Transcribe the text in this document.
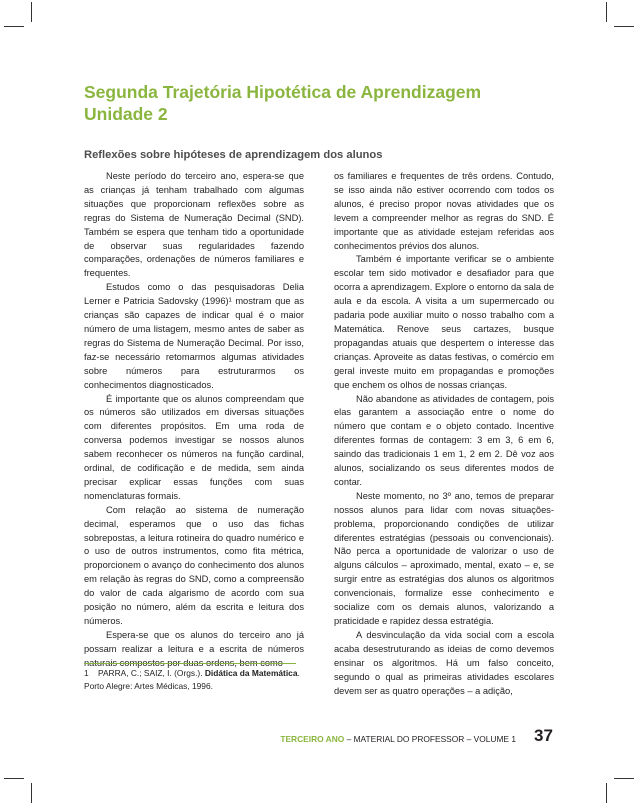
Segunda Trajetória Hipotética de Aprendizagem
Unidade 2
Reflexões sobre hipóteses de aprendizagem dos alunos

Neste período do terceiro ano, espera-se que as crianças já tenham trabalhado com algumas situações que proporcionam reflexões sobre as regras do Sistema de Numeração Decimal (SND). Também se espera que tenham tido a oportunidade de observar suas regularidades fazendo comparações, ordenações de números familiares e frequentes.

Estudos como o das pesquisadoras Delia Lerner e Patricia Sadovsky (1996)¹ mostram que as crianças são capazes de indicar qual é o maior número de uma listagem, mesmo antes de saber as regras do Sistema de Numeração Decimal. Por isso, faz-se necessário retomarmos algumas atividades sobre números para estruturarmos os conhecimentos diagnosticados.

É importante que os alunos compreendam que os números são utilizados em diversas situações com diferentes propósitos. Em uma roda de conversa podemos investigar se nossos alunos sabem reconhecer os números na função cardinal, ordinal, de codificação e de medida, sem ainda precisar explicar essas funções com suas nomenclaturas formais.

Com relação ao sistema de numeração decimal, esperamos que o uso das fichas sobrepostas, a leitura rotineira do quadro numérico e o uso de outros instrumentos, como fita métrica, proporcionem o avanço do conhecimento dos alunos em relação às regras do SND, como a compreensão do valor de cada algarismo de acordo com sua posição no número, além da escrita e leitura dos números.

Espera-se que os alunos do terceiro ano já possam realizar a leitura e a escrita de números

os familiares e frequentes de três ordens. Contudo, se isso ainda não estiver ocorrendo com todos os alunos, é preciso propor novas atividades que os levem a compreender melhor as regras do SND. É importante que as atividade estejam referidas aos conhecimentos prévios dos alunos.

Também é importante verificar se o ambiente escolar tem sido motivador e desafiador para que ocorra a aprendizagem. Explore o entorno da sala de aula e da escola. A visita a um supermercado ou padaria pode auxiliar muito o nosso trabalho com a Matemática. Renove seus cartazes, busque propagandas atuais que despertem o interesse das crianças. Aproveite as datas festivas, o comércio em geral investe muito em propagandas e promoções que enchem os olhos de nossas crianças.

Não abandone as atividades de contagem, pois elas garantem a associação entre o nome do número que contam e o objeto contado. Incentive diferentes formas de contagem: 3 em 3, 6 em 6, saindo das tradicionais 1 em 1, 2 em 2. Dê voz aos alunos, socializando os seus diferentes modos de contar.

Neste momento, no 3º ano, temos de preparar nossos alunos para lidar com novas situações-problema, proporcionando condições de utilizar diferentes estratégias (pessoais ou convencionais). Não perca a oportunidade de valorizar o uso de alguns cálculos – aproximado, mental, exato – e, se surgir entre as estratégias dos alunos os algoritmos convencionais, formalize esse conhecimento e socialize com os demais alunos, valorizando a praticidade e rapidez dessa estratégia.

A desvinculação da vida social com a escola acaba desestruturando as ideias de como devemos ensinar os algoritmos. Há um falso conceito, segundo o qual as primeiras atividades escolares devem ser as quatro operações – a adição,

1 PARRA, C.; SAIZ, I. (Orgs.). Didática da Matemática.
Porto Alegre: Artes Médicas, 1996.

TERCEIRO ANO – MATERIAL DO PROFESSOR – VOLUME 1 37
